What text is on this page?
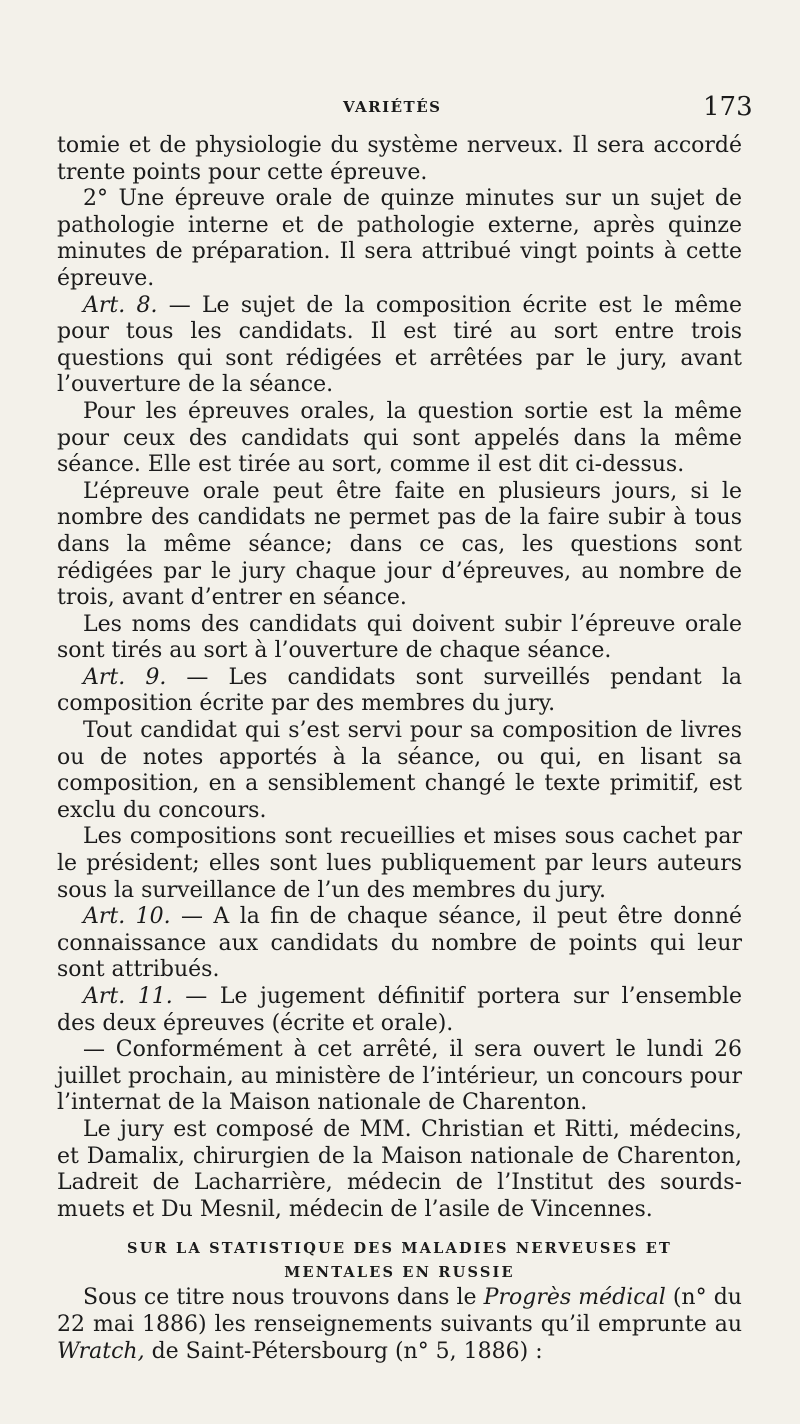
VARIÉTÉS	173

tomie et de physiologie du système nerveux. Il sera accordé trente points pour cette épreuve.

2° Une épreuve orale de quinze minutes sur un sujet de pathologie interne et de pathologie externe, après quinze minutes de préparation. Il sera attribué vingt points à cette épreuve.

Art. 8. — Le sujet de la composition écrite est le même pour tous les candidats. Il est tiré au sort entre trois questions qui sont rédigées et arrêtées par le jury, avant l’ouverture de la séance.

Pour les épreuves orales, la question sortie est la même pour ceux des candidats qui sont appelés dans la même séance. Elle est tirée au sort, comme il est dit ci-dessus.

L’épreuve orale peut être faite en plusieurs jours, si le nombre des candidats ne permet pas de la faire subir à tous dans la même séance; dans ce cas, les questions sont rédigées par le jury chaque jour d’épreuves, au nombre de trois, avant d’entrer en séance.

Les noms des candidats qui doivent subir l’épreuve orale sont tirés au sort à l’ouverture de chaque séance.

Art. 9. — Les candidats sont surveillés pendant la composition écrite par des membres du jury.

Tout candidat qui s’est servi pour sa composition de livres ou de notes apportés à la séance, ou qui, en lisant sa composition, en a sensiblement changé le texte primitif, est exclu du concours.

Les compositions sont recueillies et mises sous cachet par le président; elles sont lues publiquement par leurs auteurs sous la surveillance de l’un des membres du jury.

Art. 10. — A la fin de chaque séance, il peut être donné connaissance aux candidats du nombre de points qui leur sont attribués.

Art. 11. — Le jugement définitif portera sur l’ensemble des deux épreuves (écrite et orale).

— Conformément à cet arrêté, il sera ouvert le lundi 26 juillet prochain, au ministère de l’intérieur, un concours pour l’internat de la Maison nationale de Charenton.

Le jury est composé de MM. Christian et Ritti, médecins, et Damalix, chirurgien de la Maison nationale de Charenton, Ladreit de Lacharrière, médecin de l’Institut des sourds-muets et Du Mesnil, médecin de l’asile de Vincennes.

SUR LA STATISTIQUE DES MALADIES NERVEUSES ET
MENTALES EN RUSSIE

Sous ce titre nous trouvons dans le Progrès médical (n° du 22 mai 1886) les renseignements suivants qu’il emprunte au Wratch, de Saint-Pétersbourg (n° 5, 1886) :
